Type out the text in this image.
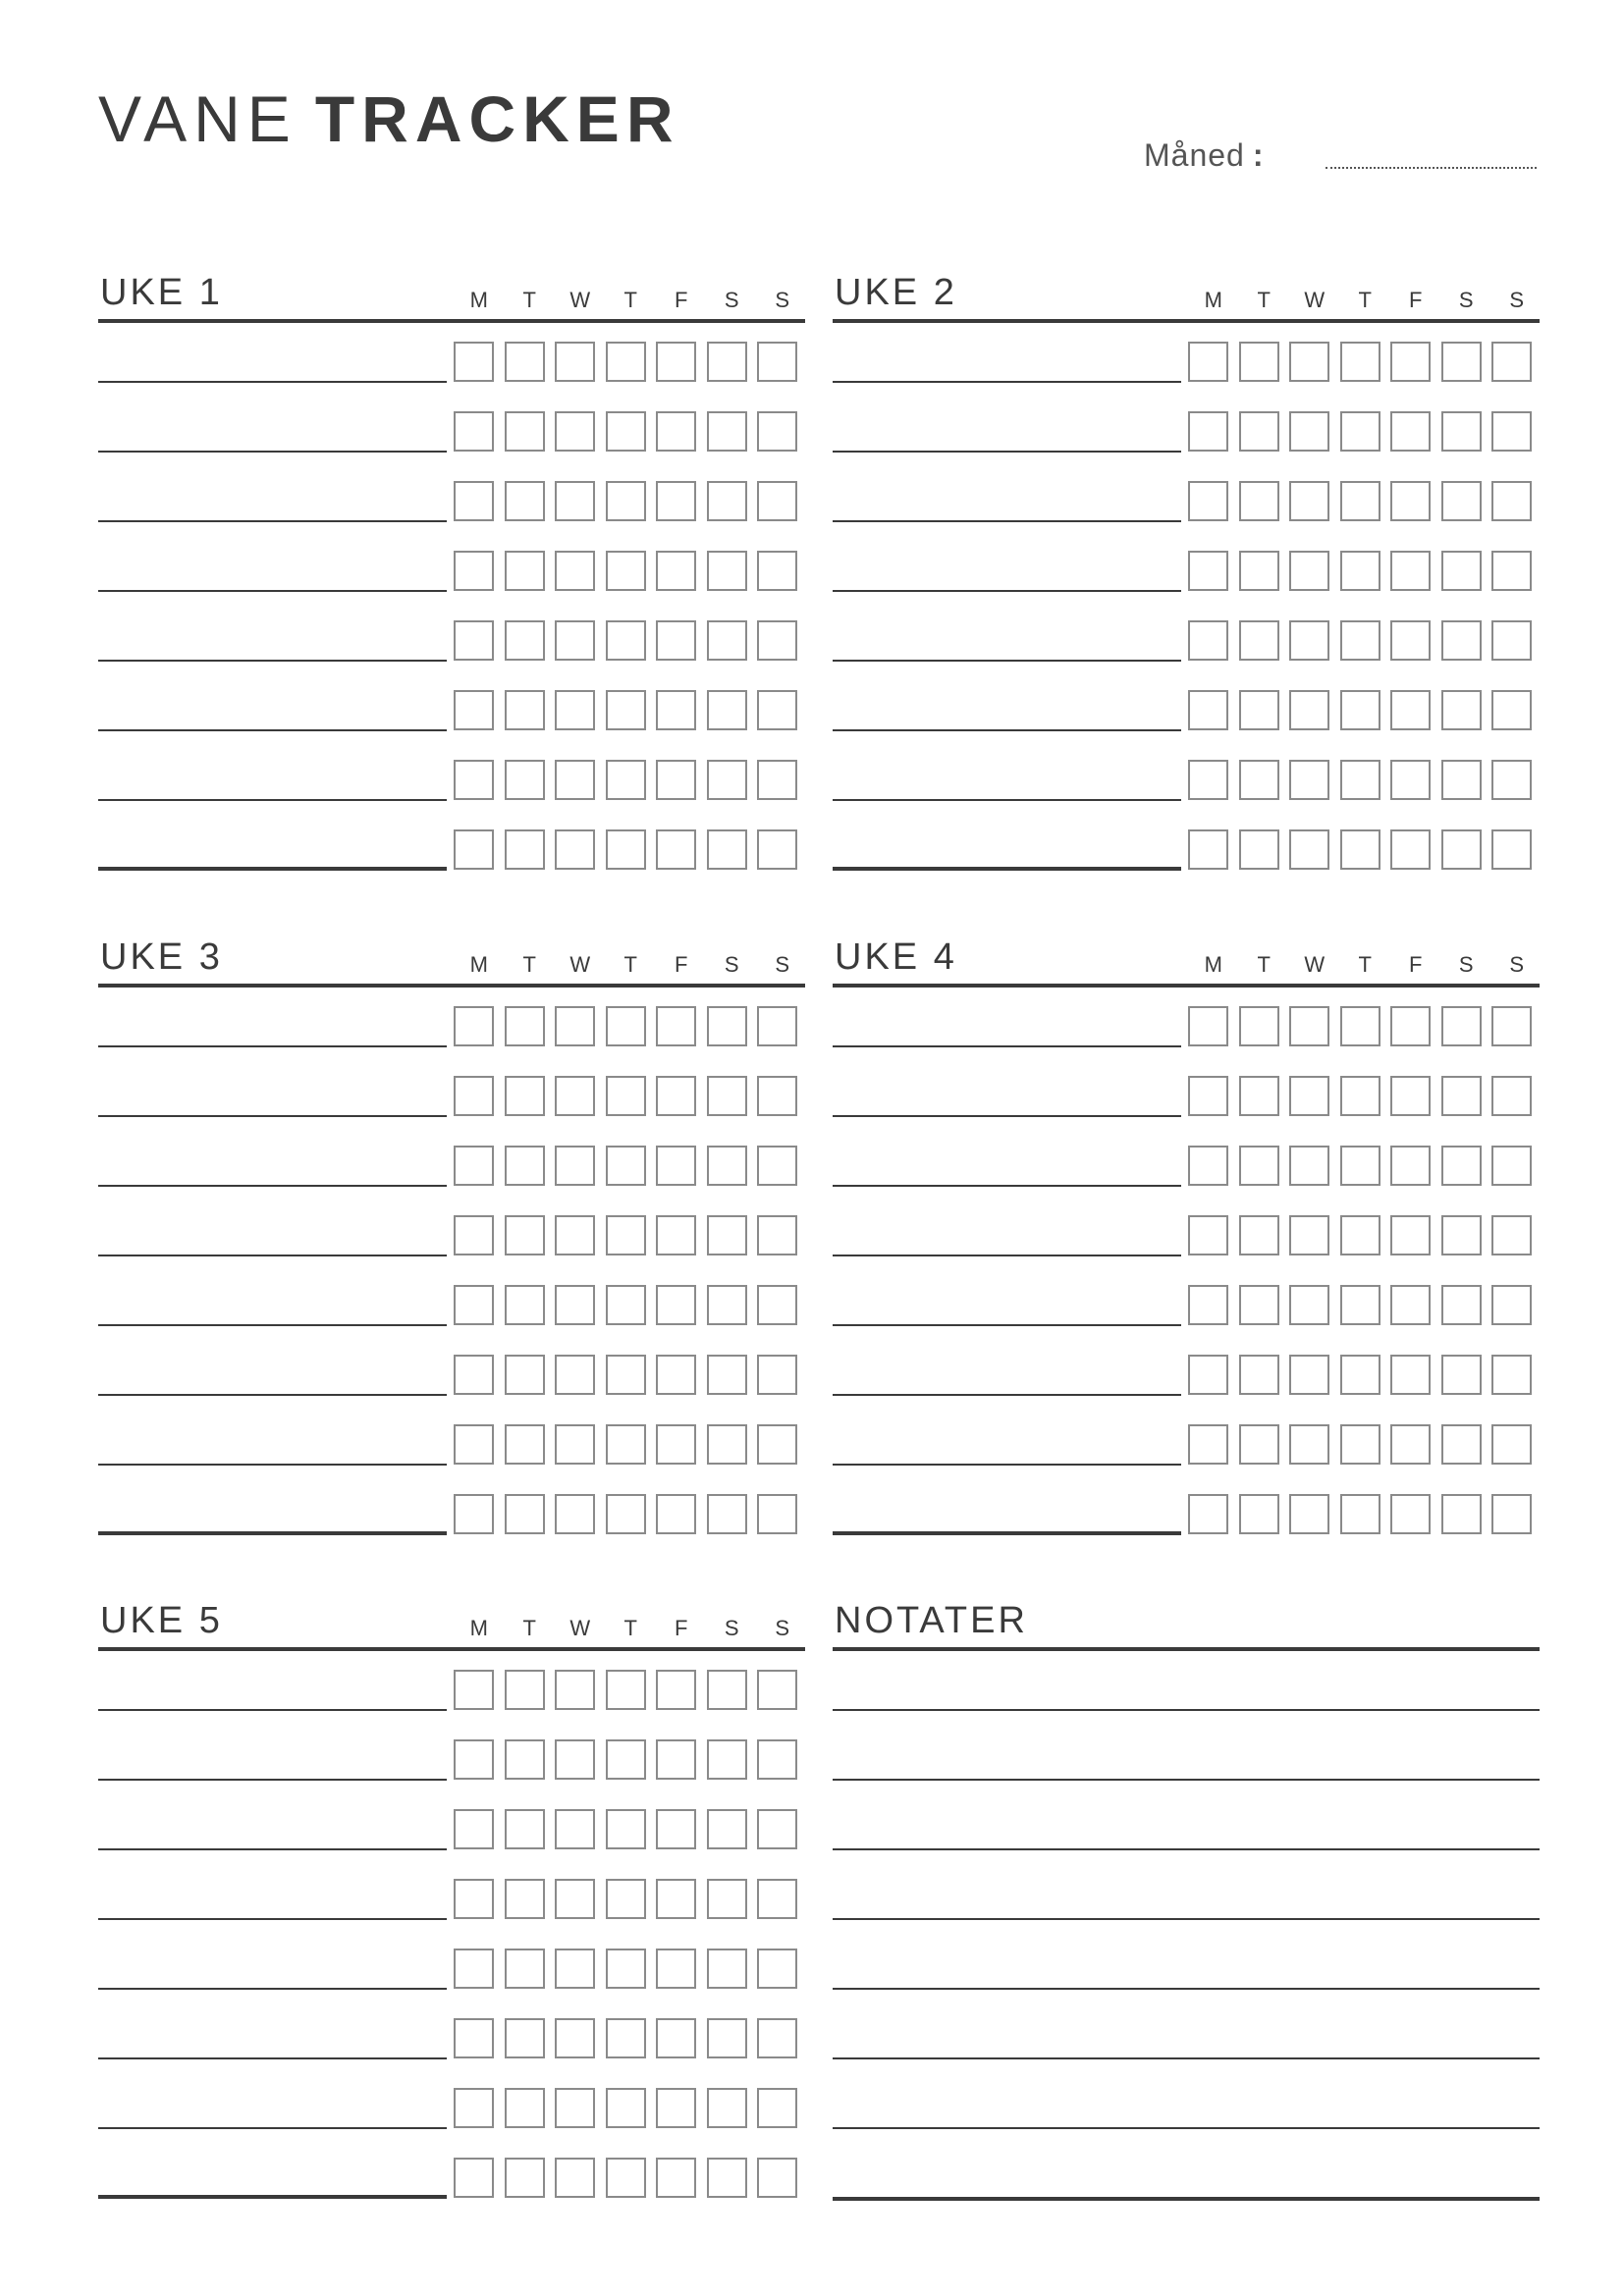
VANE TRACKER	Måned :
UKE 1	M	T	W	T	F	S	S	UKE 2	M	T	W	T	F	S	S
UKE 3	M	T	W	T	F	S	S	UKE 4	M	T	W	T	F	S	S
UKE 5	M	T	W	T	F	S	S	NOTATER
